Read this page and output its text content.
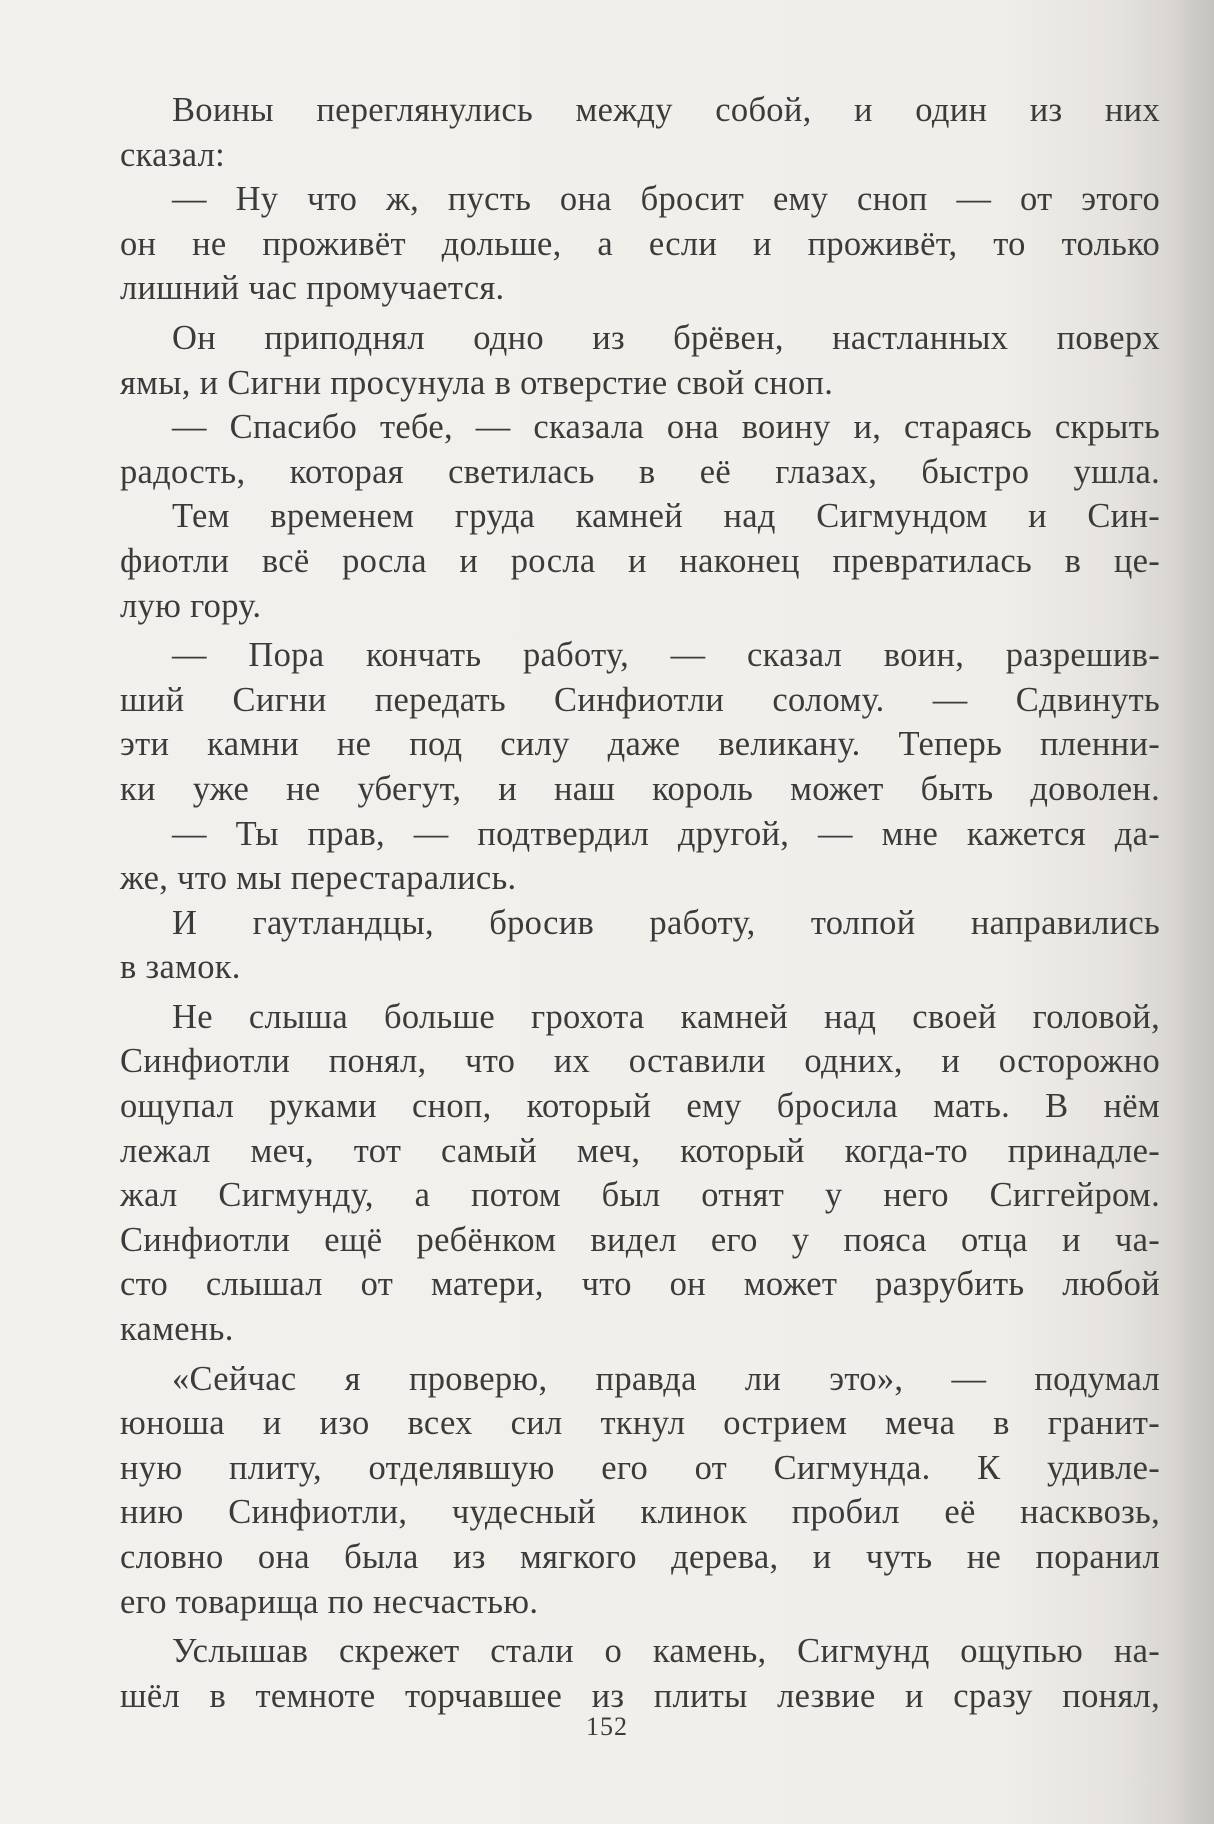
Воины переглянулись между собой, и один из них
сказал:
— Ну что ж, пусть она бросит ему сноп — от этого
он не проживёт дольше, а если и проживёт, то только
лишний час промучается.
Он приподнял одно из брёвен, настланных поверх
ямы, и Сигни просунула в отверстие свой сноп.
— Спасибо тебе, — сказала она воину и, стараясь скрыть
радость, которая светилась в её глазах, быстро ушла.
Тем временем груда камней над Сигмундом и Син-
фиотли всё росла и росла и наконец превратилась в це-
лую гору.
— Пора кончать работу, — сказал воин, разрешив-
ший Сигни передать Синфиотли солому. — Сдвинуть
эти камни не под силу даже великану. Теперь пленни-
ки уже не убегут, и наш король может быть доволен.
— Ты прав, — подтвердил другой, — мне кажется да-
же, что мы перестарались.
И гаутландцы, бросив работу, толпой направились
в замок.
Не слыша больше грохота камней над своей головой,
Синфиотли понял, что их оставили одних, и осторожно
ощупал руками сноп, который ему бросила мать. В нём
лежал меч, тот самый меч, который когда-то принадле-
жал Сигмунду, а потом был отнят у него Сиггейром.
Синфиотли ещё ребёнком видел его у пояса отца и ча-
сто слышал от матери, что он может разрубить любой
камень.
«Сейчас я проверю, правда ли это», — подумал
юноша и изо всех сил ткнул острием меча в гранит-
ную плиту, отделявшую его от Сигмунда. К удивле-
нию Синфиотли, чудесный клинок пробил её насквозь,
словно она была из мягкого дерева, и чуть не поранил
его товарища по несчастью.
Услышав скрежет стали о камень, Сигмунд ощупью на-
шёл в темноте торчавшее из плиты лезвие и сразу понял,
152
